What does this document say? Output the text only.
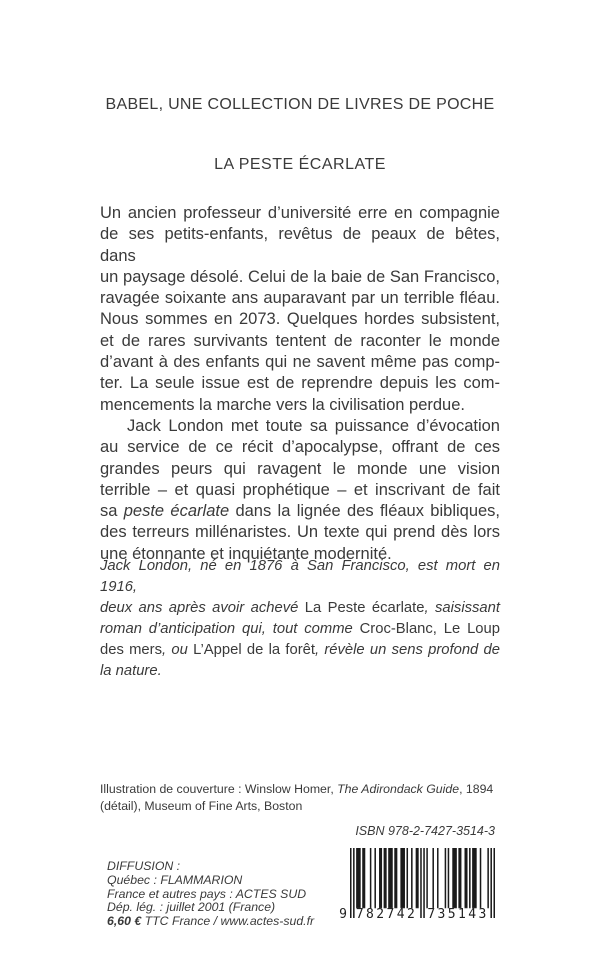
BABEL, UNE COLLECTION DE LIVRES DE POCHE
LA PESTE ÉCARLATE
Un ancien professeur d’université erre en compagnie
de ses petits-enfants, revêtus de peaux de bêtes, dans
un paysage désolé. Celui de la baie de San Francisco,
ravagée soixante ans auparavant par un terrible fléau.
Nous sommes en 2073. Quelques hordes subsistent,
et de rares survivants tentent de raconter le monde
d’avant à des enfants qui ne savent même pas comp-
ter. La seule issue est de reprendre depuis les com-
mencements la marche vers la civilisation perdue.
Jack London met toute sa puissance d’évocation
au service de ce récit d’apocalypse, offrant de ces
grandes peurs qui ravagent le monde une vision
terrible – et quasi prophétique – et inscrivant de fait
sa peste écarlate dans la lignée des fléaux bibliques,
des terreurs millénaristes. Un texte qui prend dès lors
une étonnante et inquiétante modernité.
Jack London, né en 1876 à San Francisco, est mort en 1916,
deux ans après avoir achevé La Peste écarlate, saisissant
roman d’anticipation qui, tout comme Croc-Blanc, Le Loup
des mers, ou L’Appel de la forêt, révèle un sens profond de
la nature.
Illustration de couverture : Winslow Homer, The Adirondack Guide, 1894
(détail), Museum of Fine Arts, Boston
ISBN 978-2-7427-3514-3
DIFFUSION :
Québec : FLAMMARION
France et autres pays : ACTES SUD
Dép. lég. : juillet 2001 (France)
6,60 € TTC France / www.actes-sud.fr	9 782742 735143
